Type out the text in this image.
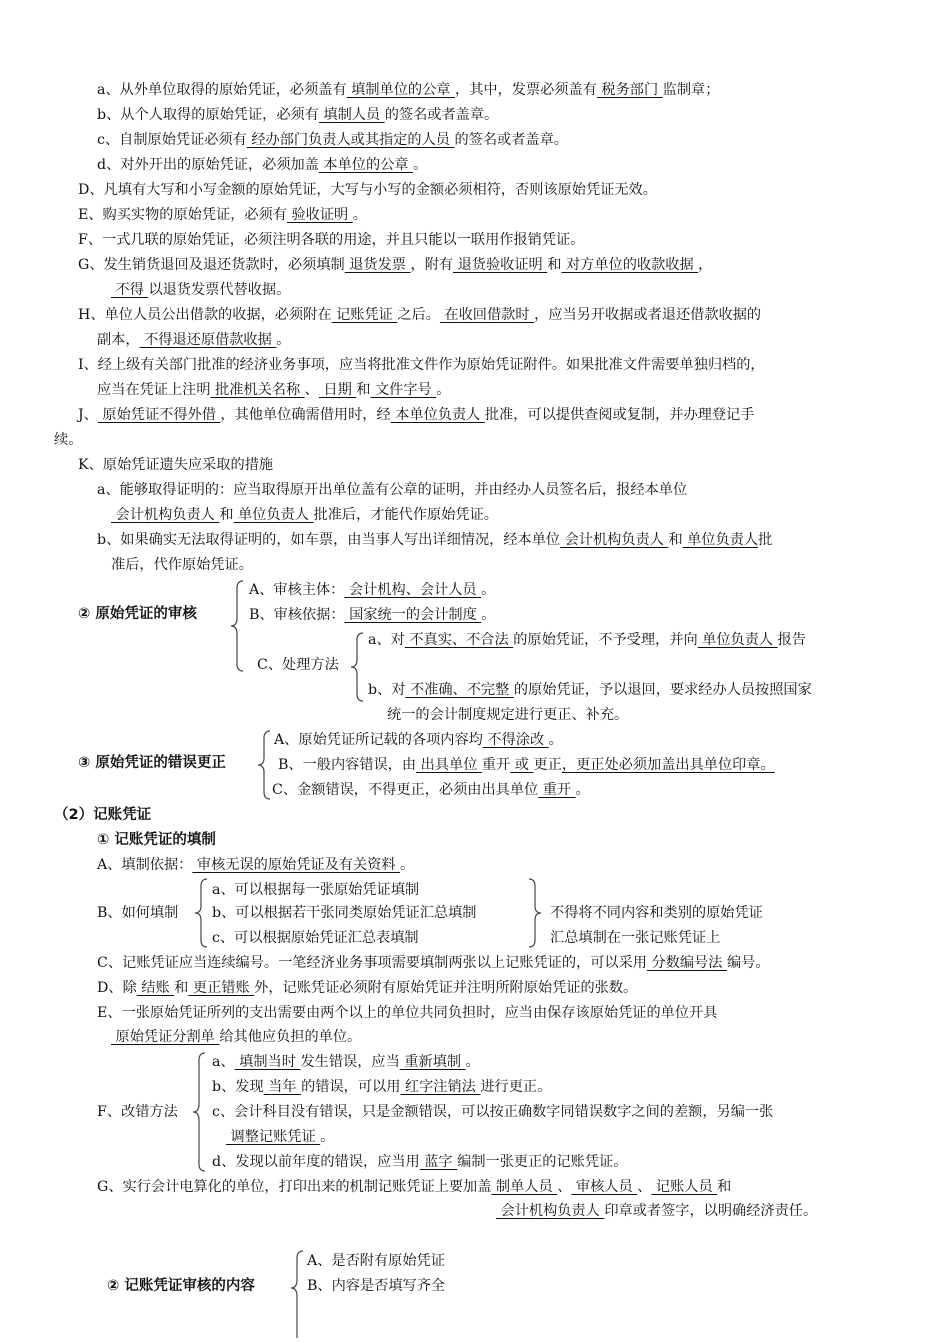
a、从外单位取得的原始凭证，必须盖有 填制单位的公章 ，其中，发票必须盖有 税务部门 监制章；
b、从个人取得的原始凭证，必须有 填制人员 的签名或者盖章。
c、自制原始凭证必须有 经办部门负责人或其指定的人员 的签名或者盖章。
d、对外开出的原始凭证，必须加盖 本单位的公章 。
D、凡填有大写和小写金额的原始凭证，大写与小写的金额必须相符，否则该原始凭证无效。
E、购买实物的原始凭证，必须有 验收证明 。
F、一式几联的原始凭证，必须注明各联的用途，并且只能以一联用作报销凭证。
G、发生销货退回及退还货款时，必须填制 退货发票 ，附有 退货验收证明 和 对方单位的收款收据 ，
不得 以退货发票代替收据。
H、单位人员公出借款的收据，必须附在 记账凭证 之后。 在收回借款时 ，应当另开收据或者退还借款收据的
副本， 不得退还原借款收据 。
I、经上级有关部门批准的经济业务事项，应当将批准文件作为原始凭证附件。如果批准文件需要单独归档的，
应当在凭证上注明 批准机关名称 、 日期 和 文件字号 。
J、 原始凭证不得外借 ，其他单位确需借用时，经 本单位负责人 批准，可以提供查阅或复制，并办理登记手
续。
K、原始凭证遗失应采取的措施
a、能够取得证明的：应当取得原开出单位盖有公章的证明，并由经办人员签名后，报经本单位
会计机构负责人 和 单位负责人 批准后，才能代作原始凭证。
b、如果确实无法取得证明的，如车票，由当事人写出详细情况，经本单位 会计机构负责人 和 单位负责人批
准后，代作原始凭证。
② 原始凭证的审核
A、审核主体： 会计机构、会计人员 。
B、审核依据： 国家统一的会计制度 。
C、处理方法
a、对 不真实、不合法 的原始凭证，不予受理，并向 单位负责人 报告
b、对 不准确、不完整 的原始凭证，予以退回，要求经办人员按照国家
统一的会计制度规定进行更正、补充。
③ 原始凭证的错误更正
A、原始凭证所记载的各项内容均 不得涂改 。
B、一般内容错误，由 出具单位 重开 或 更正，更正处必须加盖出具单位印章。
C、金额错误，不得更正，必须由出具单位 重开 。
（2）记账凭证
① 记账凭证的填制
A、填制依据： 审核无误的原始凭证及有关资料 。
a、可以根据每一张原始凭证填制
B、如何填制 b、可以根据若干张同类原始凭证汇总填制	不得将不同内容和类别的原始凭证
c、可以根据原始凭证汇总表填制	汇总填制在一张记账凭证上
C、记账凭证应当连续编号。一笔经济业务事项需要填制两张以上记账凭证的，可以采用 分数编号法 编号。
D、除 结账 和 更正错账 外，记账凭证必须附有原始凭证并注明所附原始凭证的张数。
E、一张原始凭证所列的支出需要由两个以上的单位共同负担时，应当由保存该原始凭证的单位开具
原始凭证分割单 给其他应负担的单位。
a、 填制当时 发生错误，应当 重新填制 。
b、发现 当年 的错误，可以用 红字注销法 进行更正。
F、改错方法 c、会计科目没有错误，只是金额错误，可以按正确数字同错误数字之间的差额，另编一张
调整记账凭证 。
d、发现以前年度的错误，应当用 蓝字 编制一张更正的记账凭证。
G、实行会计电算化的单位，打印出来的机制记账凭证上要加盖 制单人员 、 审核人员 、 记账人员 和
会计机构负责人 印章或者签字，以明确经济责任。
A、是否附有原始凭证
② 记账凭证审核的内容	B、内容是否填写齐全
